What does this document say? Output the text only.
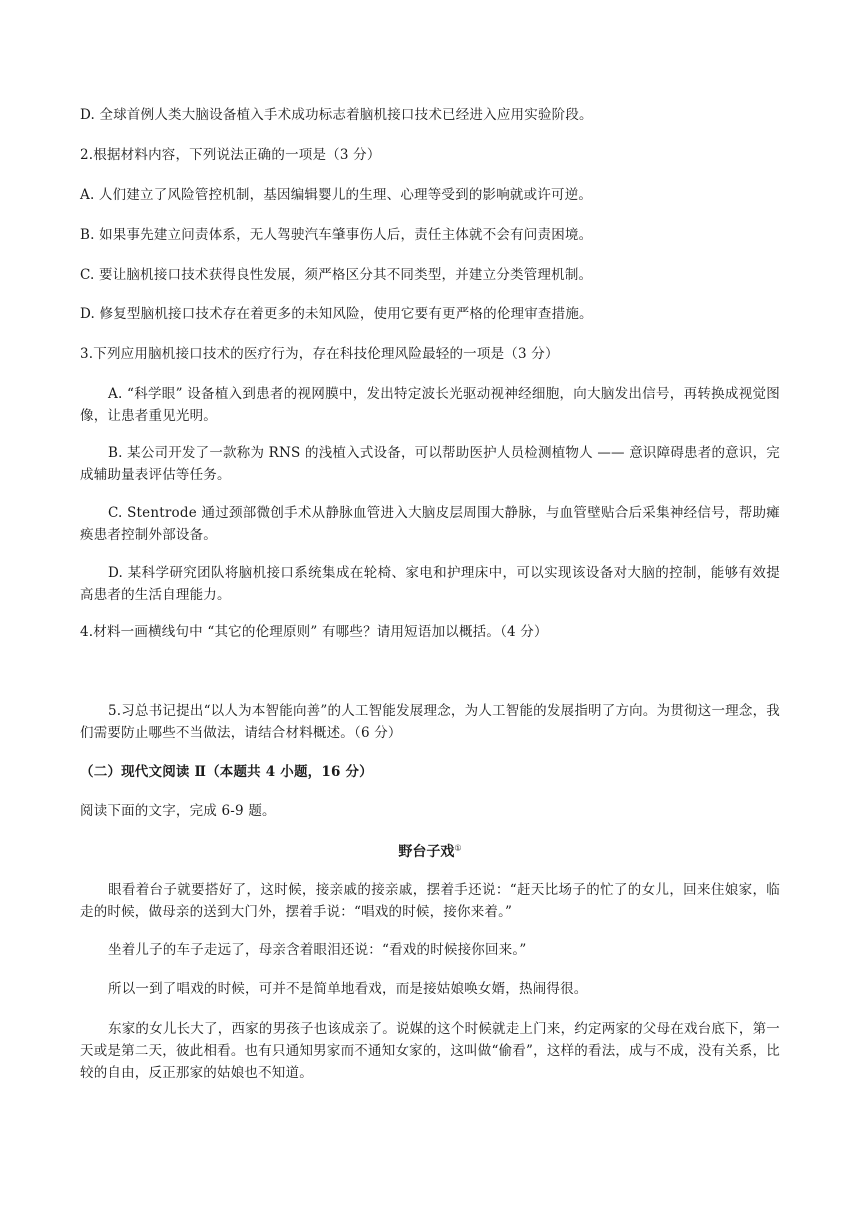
D. 全球首例人类大脑设备植入手术成功标志着脑机接口技术已经进入应用实验阶段。
2.根据材料内容，下列说法正确的一项是（3 分）
A. 人们建立了风险管控机制，基因编辑婴儿的生理、心理等受到的影响就或许可逆。
B. 如果事先建立问责体系，无人驾驶汽车肇事伤人后，责任主体就不会有问责困境。
C. 要让脑机接口技术获得良性发展，须严格区分其不同类型，并建立分类管理机制。
D. 修复型脑机接口技术存在着更多的未知风险，使用它要有更严格的伦理审查措施。
3.下列应用脑机接口技术的医疗行为，存在科技伦理风险最轻的一项是（3 分）
A. “科学眼” 设备植入到患者的视网膜中，发出特定波长光驱动视神经细胞，向大脑发出信号，再转换成视觉图像，让患者重见光明。
B. 某公司开发了一款称为 RNS 的浅植入式设备，可以帮助医护人员检测植物人 —— 意识障碍患者的意识，完成辅助量表评估等任务。
C. Stentrode 通过颈部微创手术从静脉血管进入大脑皮层周围大静脉，与血管壁贴合后采集神经信号，帮助瘫痪患者控制外部设备。
D. 某科学研究团队将脑机接口系统集成在轮椅、家电和护理床中，可以实现该设备对大脑的控制，能够有效提高患者的生活自理能力。
4.材料一画横线句中 “其它的伦理原则” 有哪些？请用短语加以概括。（4 分）
5.习总书记提出“以人为本智能向善”的人工智能发展理念，为人工智能的发展指明了方向。为贯彻这一理念，我们需要防止哪些不当做法，请结合材料概述。（6 分）
（二）现代文阅读 Ⅱ（本题共 4 小题，16 分）
阅读下面的文字，完成 6-9 题。
野台子戏①
眼看着台子就要搭好了，这时候，接亲戚的接亲戚，摆着手还说：“赶天比场子的忙了的女儿，回来住娘家，临走的时候，做母亲的送到大门外，摆着手说：“唱戏的时候，接你来着。”
坐着儿子的车子走远了，母亲含着眼泪还说：“看戏的时候接你回来。”
所以一到了唱戏的时候，可并不是简单地看戏，而是接姑娘唤女婿，热闹得很。
东家的女儿长大了，西家的男孩子也该成亲了。说媒的这个时候就走上门来，约定两家的父母在戏台底下，第一天或是第二天，彼此相看。也有只通知男家而不通知女家的，这叫做“偷看”，这样的看法，成与不成，没有关系，比较的自由，反正那家的姑娘也不知道。
